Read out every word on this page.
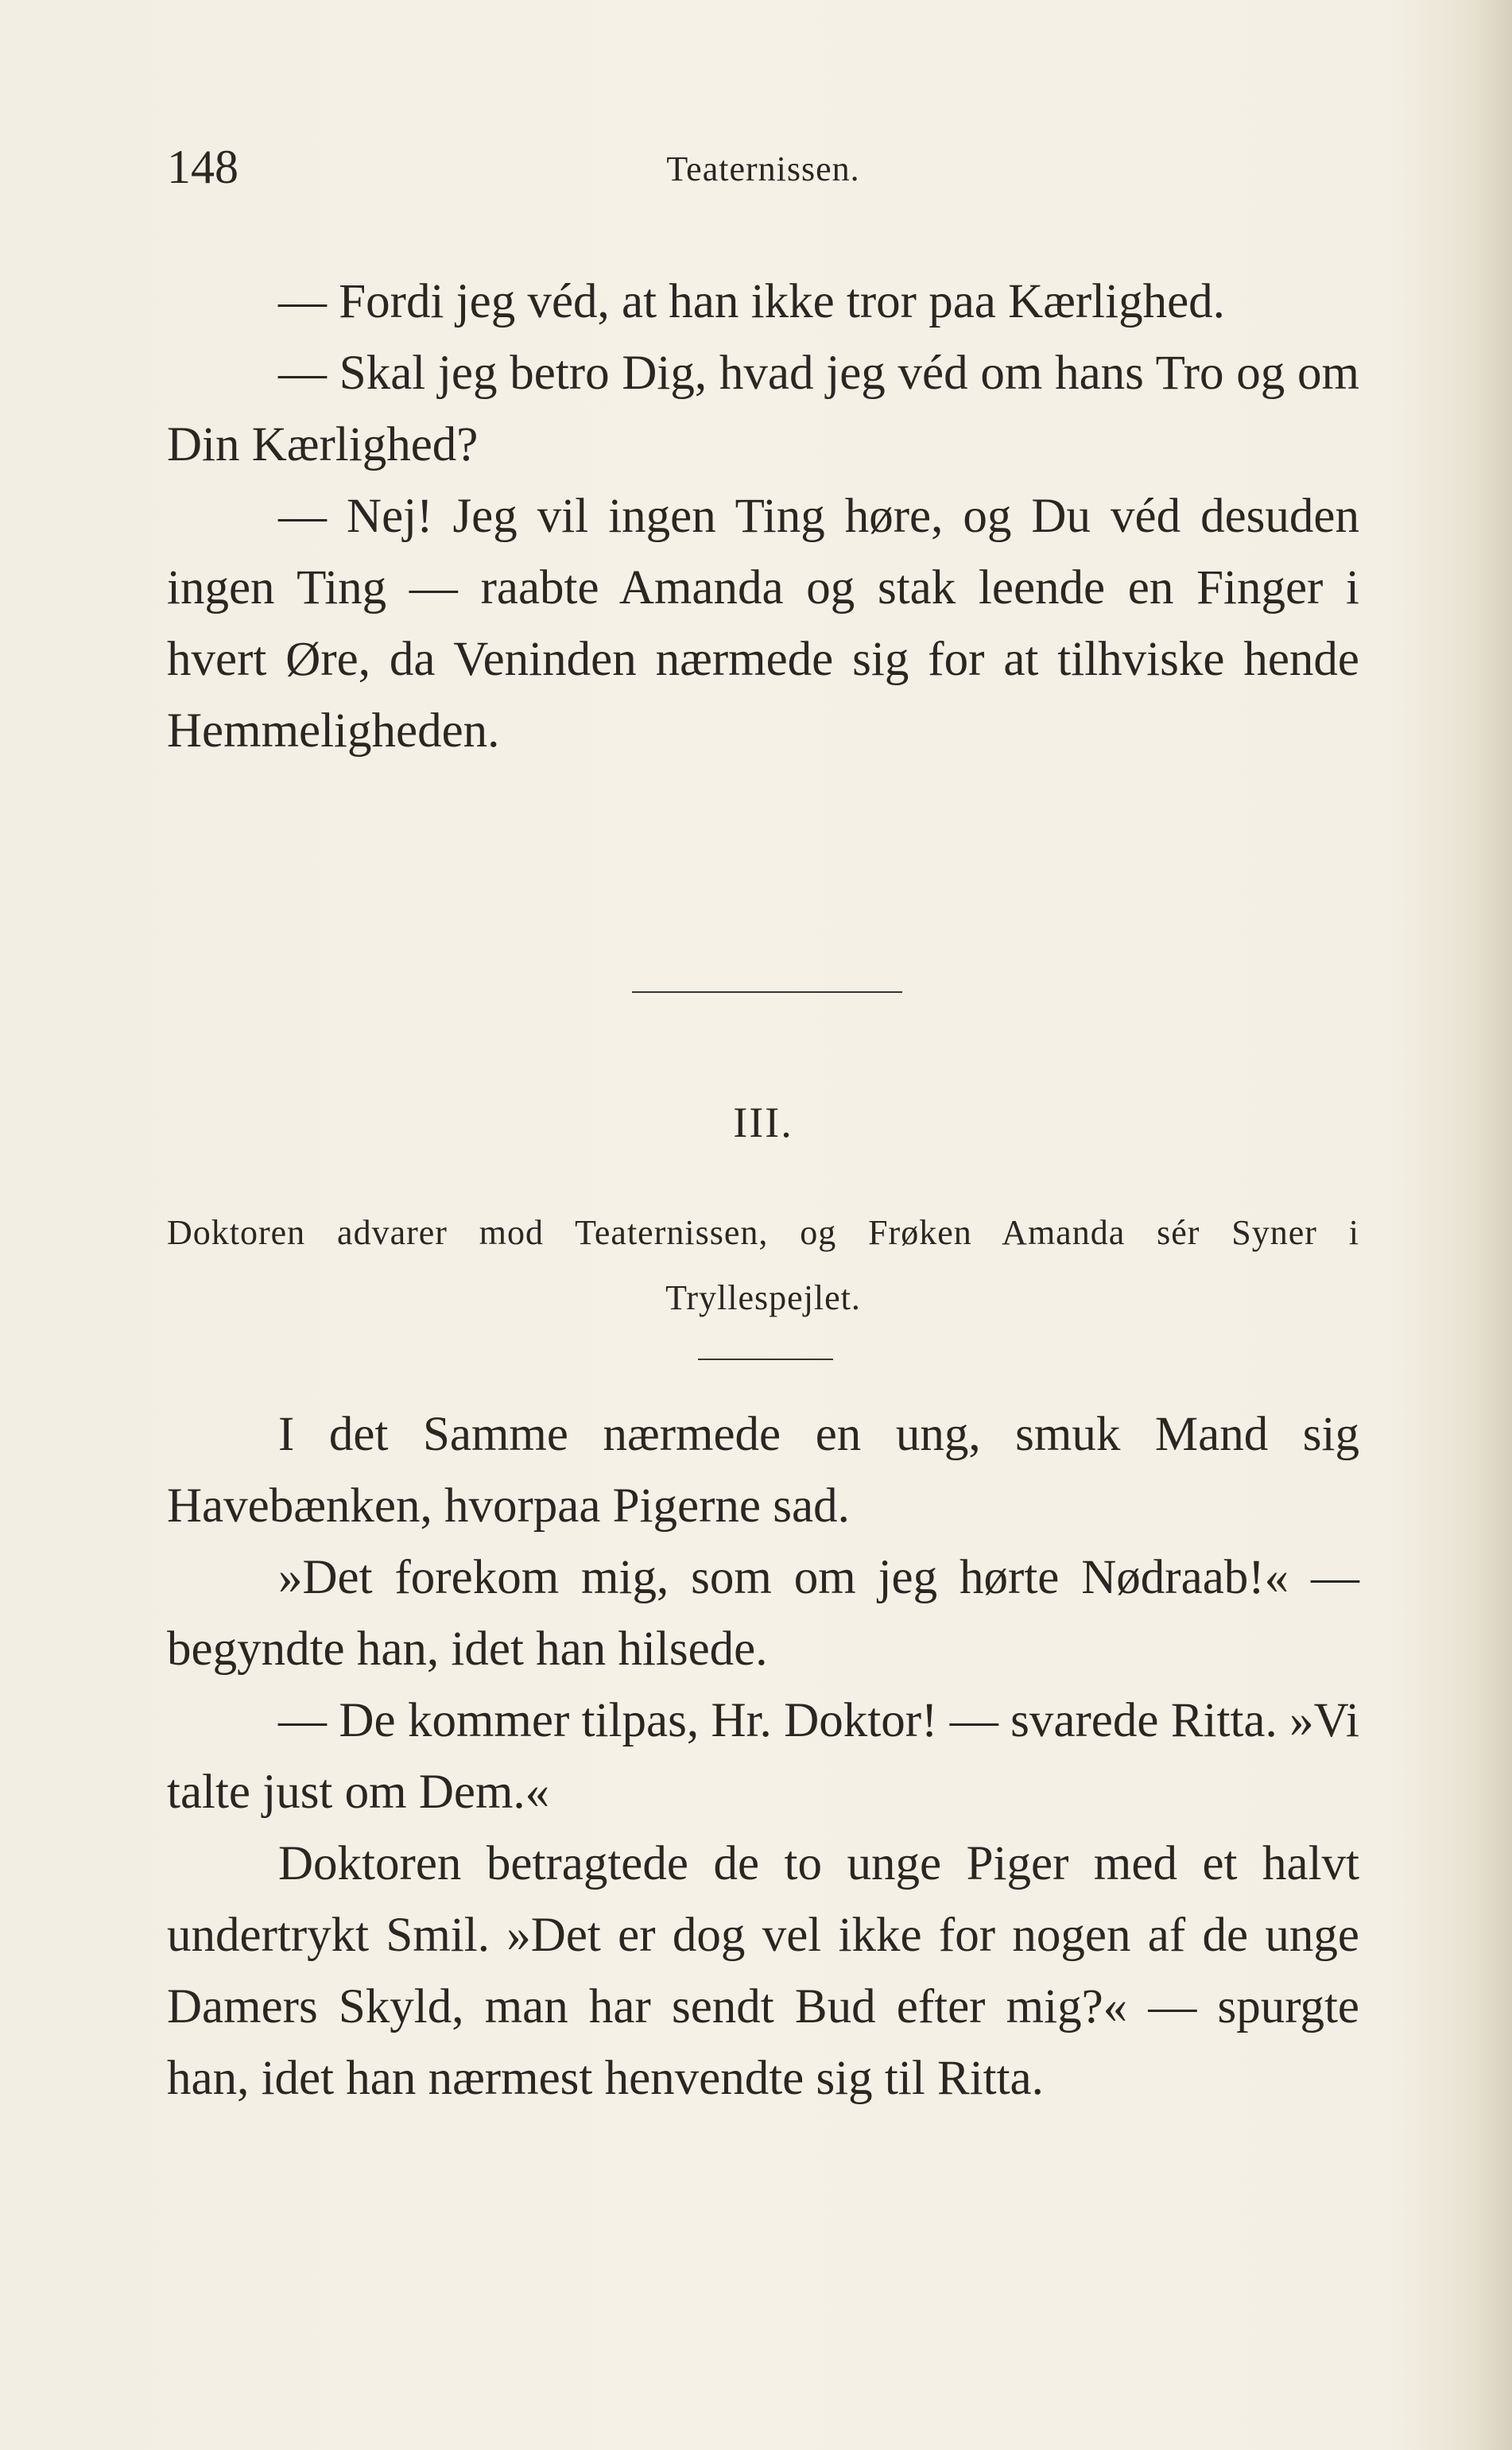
148	Teaternissen.

— Fordi jeg véd, at han ikke tror paa Kærlighed.

— Skal jeg betro Dig, hvad jeg véd om hans Tro og om Din Kærlighed?

— Nej! Jeg vil ingen Ting høre, og Du véd desuden ingen Ting — raabte Amanda og stak leende en Finger i hvert Øre, da Veninden nærmede sig for at tilhviske hende Hemmeligheden.

III.

Doktoren advarer mod Teaternissen, og Frøken Amanda sér Syner i Tryllespejlet.

I det Samme nærmede en ung, smuk Mand sig Havebænken, hvorpaa Pigerne sad.

»Det forekom mig, som om jeg hørte Nødraab!« — begyndte han, idet han hilsede.

— De kommer tilpas, Hr. Doktor! — svarede Ritta. »Vi talte just om Dem.«

Doktoren betragtede de to unge Piger med et halvt undertrykt Smil. »Det er dog vel ikke for nogen af de unge Damers Skyld, man har sendt Bud efter mig?« — spurgte han, idet han nærmest henvendte sig til Ritta.
